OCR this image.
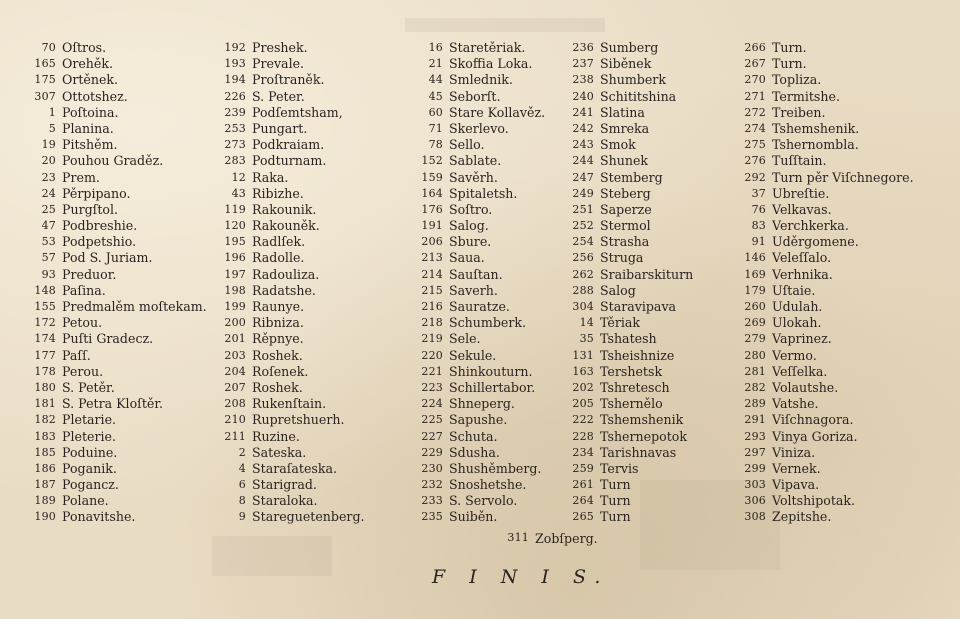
70 Oſtros.
165 Orehěk.
175 Ortěnek.
307 Ottotshez.
1 Poſtoina.
5 Planina.
19 Pitshěm.
20 Pouhou Graděz.
23 Prem.
24 Pěrpipano.
25 Purgſtol.
47 Podbreshie.
53 Podpetshio.
57 Pod S. Juriam.
93 Preduor.
148 Paſina.
155 Predmalěm moſtekam.
172 Petou.
174 Puſti Gradecz.
177 Paſſ.
178 Perou.
180 S. Petěr.
181 S. Petra Kloſtěr.
182 Pletarie.
183 Pleterie.
185 Poduine.
186 Poganik.
187 Pogancz.
189 Polane.
190 Ponavitshe.
192 Preshek.
193 Prevale.
194 Proſtraněk.
226 S. Peter.
239 Podſemtsham,
253 Pungart.
273 Podkraiam.
283 Podturnam.
12 Raka.
43 Ribizhe.
119 Rakounik.
120 Rakouněk.
195 Radlſek.
196 Radolle.
197 Radouliza.
198 Radatshe.
199 Raunye.
200 Ribniza.
201 Rěpnye.
203 Roshek.
204 Roſenek.
207 Roshek.
208 Rukenſtain.
210 Rupretshuerh.
211 Ruzine.
2 Sateska.
4 Staraſateska.
6 Starigrad.
8 Staraloka.
9 Stareguetenberg.
16 Staretěriak.
21 Skoffia Loka.
44 Smlednik.
45 Seborſt.
60 Stare Kollavěz.
71 Skerlevo.
78 Sello.
152 Sablate.
159 Savěrh.
164 Spitaletsh.
176 Soſtro.
191 Salog.
206 Sbure.
213 Saua.
214 Sauſtan.
215 Saverh.
216 Sauratze.
218 Schumberk.
219 Sele.
220 Sekule.
221 Shinkouturn.
223 Schillertabor.
224 Shneperg.
225 Sapushe.
227 Schuta.
229 Sdusha.
230 Shushěmberg.
232 Snoshetshe.
233 S. Servolo.
235 Suiběn.
236 Sumberg
237 Siběnek
238 Shumberk
240 Schititshina
241 Slatina
242 Smreka
243 Smok
244 Shunek
247 Stemberg
249 Steberg
251 Saperze
252 Stermol
254 Strasha
256 Struga
262 Sraibarskiturn
288 Salog
304 Staravipava
14 Těriak
35 Tshatesh
131 Tsheishnize
163 Tershetsk
202 Tshretesch
205 Tshernělo
222 Tshemshenik
228 Tshernepotok
234 Tarishnavas
259 Tervis
261 Turn
264 Turn
265 Turn
266 Turn.
267 Turn.
270 Topliza.
271 Termitshe.
272 Treiben.
274 Tshemshenik.
275 Tshernombla.
276 Tuſſtain.
292 Turn pěr Viſchnegore.
37 Ubreſtie.
76 Velkavas.
83 Verchkerka.
91 Uděrgomene.
146 Veleſſalo.
169 Verhnika.
179 Uſtaie.
260 Udulah.
269 Ulokah.
279 Vaprinez.
280 Vermo.
281 Veſſelka.
282 Volautshe.
289 Vatshe.
291 Viſchnagora.
293 Vinya Goriza.
297 Viniza.
299 Vernek.
303 Vipava.
306 Voltshipotak.
308 Zepitshe.
311 Zobſperg.
F I N I S.
